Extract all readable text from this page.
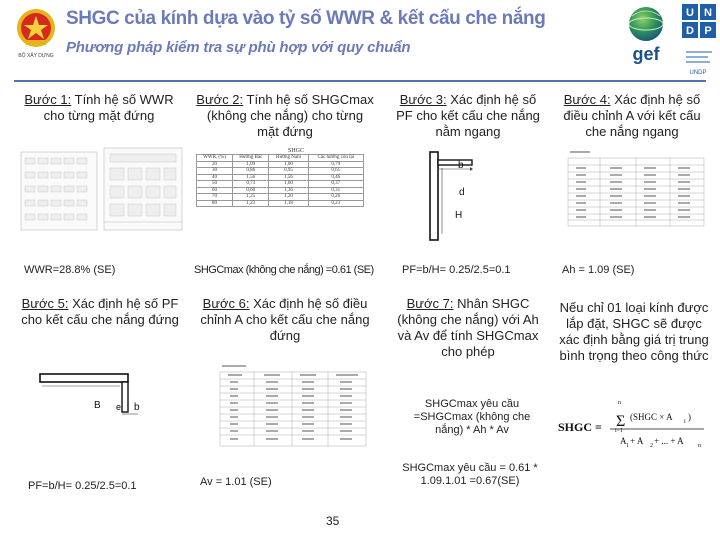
BỘ XÂY DỰNG
SHGC của kính dựa vào tỷ số WWR & kết cấu che nắng
Phương pháp kiểm tra sự phù hợp với quy chuẩn	gef
U N
D P
UNDP
Bước 1: Tính hệ số WWR cho từng mặt đứng
Bước 2: Tính hệ số SHGCmax (không che nắng) cho từng mặt đứng
Bước 3: Xác định hệ số PF cho kết cấu che nắng nằm ngang
Bước 4: Xác định hệ số điều chỉnh A với kết cấu che nắng ngang
SHGC
WWR, (%)	Hướng Bắc	Hướng Nam	Các hướng còn lại
20	1,09	1,00	0,79
30	0,86	0,95	0,61
40	1,56	1,56	0,46
50	0,73	1,60	0,37
60	0,60	1,36	0,31
70	1,25	1,20	0,26
80	1,23	1,18	0,23
b
d
H
WWR=28.8% (SE)	SHGCmax (không che nắng) =0.61 (SE)	PF=b/H= 0.25/2.5=0.1	Ah = 1.09 (SE)
Bước 5: Xác định hệ số PF cho kết cấu che nắng đứng
Bước 6: Xác định hệ số điều chỉnh A cho kết cấu che nắng đứng
Bước 7: Nhân SHGC (không che nắng) với Ah và Av để tính SHGCmax cho phép
Nếu chỉ 01 loại kính được lắp đặt, SHGC sẽ được xác định bằng giá trị trung bình trọng theo công thức
B e b	SHGCmax yêu cầu =SHGCmax (không che nắng) * Ah * Av	SHGC =
n
Σ
i=1
(SHGC × A i )
A 1 + A 2 + ... + A n
PF=b/H= 0.25/2.5=0.1	Av = 1.01 (SE)
SHGCmax yêu cầu = 0.61 * 1.09.1.01 =0.67(SE)
35
